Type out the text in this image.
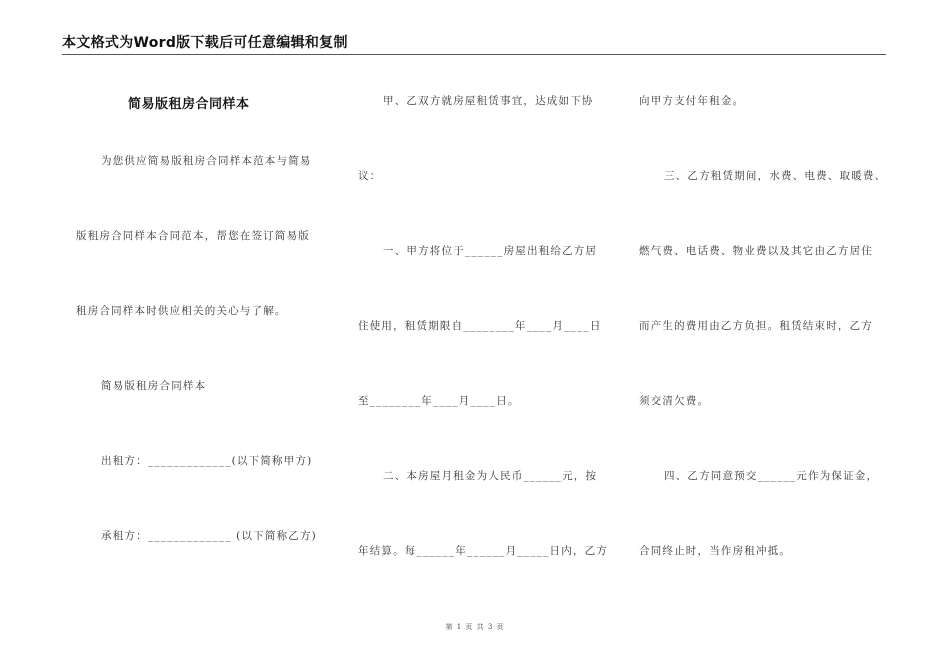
本文格式为Word版下载后可任意编辑和复制
简易版租房合同样本
为您供应简易版租房合同样本范本与简易
版租房合同样本合同范本，帮您在签订简易版
租房合同样本时供应相关的关心与了解。
简易版租房合同样本
出租方：_____________(以下简称甲方)
承租方：_____________ (以下简称乙方)
甲、乙双方就房屋租赁事宜，达成如下协
议：
一、甲方将位于______房屋出租给乙方居
住使用，租赁期限自________年____月____日
至________年____月____日。
二、本房屋月租金为人民币______元，按
年结算。每______年______月_____日内，乙方
向甲方支付年租金。
三、乙方租赁期间，水费、电费、取暖费、
燃气费、电话费、物业费以及其它由乙方居住
而产生的费用由乙方负担。租赁结束时，乙方
须交清欠费。
四、乙方同意预交______元作为保证金，
合同终止时，当作房租冲抵。
第 1 页 共 3 页
